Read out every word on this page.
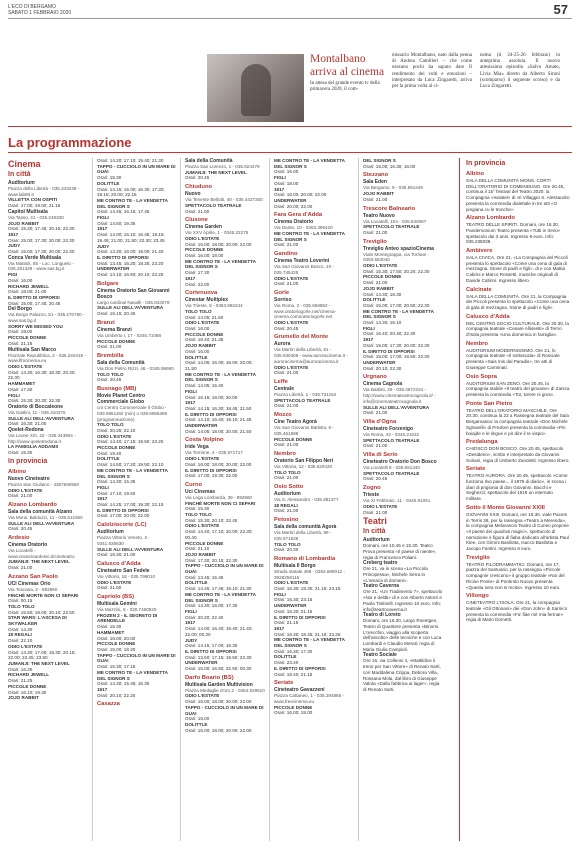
L'ECO DI BERGAMO
SABATO 1 FEBBRAIO 2020	57
Montalbano arriva al cinema
In attesa del grande evento tv della primavera 2020, il com-
missario Montalbano, nato dalla penna di Andrea Camilleri – che come nessuno pochi ha saputo dare Il rendimento dei volti e emozioni – interpretato da Luca Zingaretti, arriva per la prima volta al ci-
nema (il 24-25-26 febbraio) in anteprima assoluta. Il nuovo attesissimo episodio «Salvo Amato, Livia Mia» diretto da Alberto Sironi (scomparso) il seguente scorso) e da Luca Zingaretti.
La programmazione
Cinema
In città
Auditorium
Piazza della Libertà - 035.343239 - www.lab80.it
VILLETTA CON OSPITI
Orari: 17.00; 19.00; 21.15
Capitol Multisala
Via Tasso, 41 - 035.248330
JOJO RABBIT
Orari: 15.30; 17.45; 20.15; 22.30
1917
Orari: 15.00; 17.30; 20.00; 22.30
JUDY
Orari: 15.00; 17.30; 20.00; 22.30
Conca Verde Multisala
Via Mattioli, 65 - Loc. Longuelo - 035.251339 - www.sas.bg.it
PIGI
Orari: 16.00
RICHARD JEWELL
Orari: 18.00; 21.00
IL DIRITTO DI OPPORSI
Orari: 15.00; 17.45; 20.45
Del Borgo
Via Borgo Palazzo, 51 - 035.270760 - www.sas.bg.it
SORRY WE MISSED YOU
Orari: 19.00
PICCOLE DONNE
Orari: 21.15
Multisala San Marco
Piazzale Repubblica, 2 - 035.240418 - www.lfmcinema.eu
ODIO L'ESTATE
Orari: 14.30; 16.30; 18.30; 20.30; 22.30
HAMMAMET
Orari: 17.30
FIGLI
Orari: 15.30; 20.30; 22.30
Oratorio di Boccaleone
Via Gaslini, 11 - 035.310375
SULLE ALI DELL'AVVENTURA
Orari: 16.30; 21.00
Qoelet-Redona
Via Leone XIII, 22 - 035.343904 - http://www.qoeletredona.it
LA FAMIGLIA ADDAMS
Orari: 15.30
In provincia
Albino
Nuovo Cineteatro
Piazza San Giuliano - 3387590560
ODIO L'ESTATE
Orari: 21.00
Alzano Lombardo
Sala della comunità Alzano
Via Mons. Balduzzi, 11 - 035.512360
SULLE ALI DELL'AVVENTURA
Orari: 20.45
Ardesio
Cinema Oratorio
Via Locatelli - www.oratorioardesio.it/cineteatro
JUMANJI: THE NEXT LEVEL
Orari: 21.00
Azzano San Paolo
UCI Cinemas Orio
Via Toscana, 2 - 892960
FINCHÉ MORTE NON CI SEPARI
Orari: 00.15
TOLO TOLO
Orari: 15.50; 18.00; 20.10; 22.50
STAR WARS: L'ASCESA DI SKYWALKER
Orari: 14.30
18 REGALI
Orari: 22.10
ODIO L'ESTATE
Orari: 14.30; 17.00; 19.30; 20.15; 22.00; 22.45; 23.50
JUMANJI: THE NEXT LEVEL
Orari: 16.30
RICHARD JEWELL
Orari: 21.25
PICCOLE DONNE
Orari: 16.10; 19.30
JOJO RABBIT
Orari: 14.20; 17.10; 19.40; 21.30
TAPPO - CUCCIOLO IN UN MARE DI GUAI
Orari: 15.30
DOLITTLE
Orari: 14.15; 15.00; 16.30; 17.30; 19.15; 20.00; 22.15
ME CONTRO TE - LA VENDETTA DEL SIGNOR S
Orari: 14.45; 16.15; 17.45
FIGLI
Orari: 14.50; 19.35
1917
Orari: 14.00; 15.10; 16.45; 18.15; 19.45; 21.00; 21.50; 22.30; 23.45
JUDY
Orari: 13.30; 16.00; 19.00; 21.40
IL DIRITTO DI OPPORSI
Orari: 13.45; 16.20; 19.25; 22.20
UNDERWATER
Orari: 14.10; 16.50; 20.10; 22.25
Bolgare
Cinema Oratorio San Giovanni Bosco
Largo cardinal Nasalli - 035.843078
SULLE ALI DELL'AVVENTURA
Orari: 16.15; 20.45
Branzi
Cinema Branzi
Via Umberto I, 17 - 0345.71088
PICCOLE DONNE
Orari: 21.00
Brembilla
Sala della Comunità
Via Don Pietro Rizzi, 46 - 0345.98690
TOLO TOLO
Orari: 20.45
Busnago (MB)
Movie Planet Centro Commerciale Globo
c/o Centro Commerciale Il Globo - 039.6951182 (min) o 039.6956396 (programmazione)
TOLO TOLO
Orari: 20.25; 22.10
ODIO L'ESTATE
Orari: 14.40; 17.15; 19.50; 22.25
PICCOLE DONNE
Orari: 19.40
DOLITTLE
Orari: 14.50; 17.20; 19.50; 22.10
ME CONTRO TE - LA VENDETTA DEL SIGNOR S
Orari: 14.30; 15.35
FIGLI
Orari: 17.10; 19.50
1917
Orari: 14.25; 17.00; 19.30; 22.15
IL DIRITTO DI OPPORSI
Orari: 17.00; 20.00; 22.00
Calolziocorte (LC)
Auditorium
Piazza Vittorio Veneto, 3 - 0341.635830
SULLE ALI DELL'AVVENTURA
Orari: 16.30; 21.00
Calusco d'Adda
Cineteatro San Fedele
Via Vittorio, 18 - 035.799010
ODIO L'ESTATE
Orari: 21.00
Capriolo (BS)
Multisala Gemini
Via Mazzini, 6 - 030.7460530
FROZEN 2 - IL SEGRETO DI ARENDELLE
Orari: 15.30
HAMMAMET
Orari: 16.00; 20.00
PICCOLE DONNE
Orari: 15.00; 18.20
TAPPO - CUCCIOLO IN UN MARE DI GUAI
Orari: 15.30; 17.15
ME CONTRO TE - LA VENDETTA DEL SIGNOR S
Orari: 14.30; 15.45; 16.30
1917
Orari: 20.10; 22.20
Casazza
Sala della Comunità
Piazza San Lorenzo, 1 - 035.824479
JUMANJI: THE NEXT LEVEL
Orari: 20.45
Chiuduno
Nuovo
Via Tenente Bellotti, 40 - 035.4427300
SPETTACOLO TEATRALE
Orari: 21.00
Clusone
Cinema Garden
Via XXV Aprile, 1 - 0346.22275
ODIO L'ESTATE
Orari: 16.00; 18.00; 20.00; 22.00
PICCOLE DONNE
Orari: 16.00; 18.00
ME CONTRO TE - LA VENDETTA DEL SIGNOR S
Orari: 17.30
1917
Orari: 22.00
Cortenuova
Cinestar Multiplex
Via Trieste, 9 - 0363.992244
TOLO TOLO
Orari: 14.05; 21.50
ODIO L'ESTATE
Orari: 16.00
PICCOLE DONNE
Orari: 18.40; 21.35
JOJO RABBIT
Orari: 16.00
DOLITTLE
Orari: 14.05; 16.00; 18.00; 20.00; 21.50
ME CONTRO TE - LA VENDETTA DEL SIGNOR S
Orari: 14.05; 15.40
FIGLI
Orari: 16.15; 18.00; 20.00
1917
Orari: 14.15; 16.30; 18.45; 21.50
IL DIRITTO DI OPPORSI
Orari: 14.10; 16.40; 19.10; 21.45
UNDERWATER
Orari: 14.05; 18.00; 20.00; 21.50
Costa Volpino
Iride Vega
Via Torrione, 4 - 035.971717
ODIO L'ESTATE
Orari: 16.00; 18.00; 20.00; 22.00
IL DIRITTO DI OPPORSI
Orari: 17.00; 19.30; 22.00
Curno
Uci Cinemas
Via Lega Lombarda, 39 - 892960
FINCHÉ MORTE NON CI SEPARI
Orari: 15.30
TOLO TOLO
Orari: 15.30; 20.10; 22.45
ODIO L'ESTATE
Orari: 14.40; 17.10; 20.00; 22.30; 00.40
PICCOLE DONNE
Orari: 21.10
JOJO RABBIT
Orari: 17.30; 20.15; 22.30
TAPPO - CUCCIOLO IN UN MARE DI GUAI
Orari: 13.45; 15.45
DOLITTLE
Orari: 14.45; 17.45; 19.10; 21.30
ME CONTRO TE - LA VENDETTA DEL SIGNOR S
Orari: 14.30; 16.00; 17.30
FIGLI
Orari: 20.20; 22.40
1917
Orari: 14.00; 16.40; 19.40; 21.40; 22.00; 00.30
JUDY
Orari: 14.15; 17.00; 19.30
IL DIRITTO DI OPPORSI
Orari: 13.50; 17.15; 19.50; 22.30
UNDERWATER
Orari: 15.00; 16.50; 22.50; 00.30
Darfo Boario (BS)
Multisala Garden Multivision
Piazza Medaglie d'oro 2 - 0364.529510
ODIO L'ESTATE
Orari: 16.00; 18.00; 20.00; 22.00
TAPPO - CUCCIOLO IN UN MARE DI GUAI
Orari: 16.00
DOLITTLE
Orari: 16.00; 18.00; 20.00; 22.00
ME CONTRO TE - LA VENDETTA DEL SIGNOR S
Orari: 16.00
FIGLI
Orari: 18.00
1917
Orari: 16.00; 20.00; 22.00
UNDERWATER
Orari: 20.00; 22.00
Fara Gera d'Adda
Cinema Oratorio
Via Dante, 10 - 0363.395420
ME CONTRO TE - LA VENDETTA DEL SIGNOR S
Orari: 21.00
Gandino
Cinema Teatro Loverini
Via San Giovanni Bosco, 10 - 035.745425
ODIO L'ESTATE
Orari: 21.00
Gorle
Sorriso
Via Roma, 2 - 035.656962 - www.oratoriogorle.net/cinema-cinema.comoratoriogorle.net
ODIO L'ESTATE
Orari: 20.45
Grumello del Monte
Aurora
Via Martiri della Libertà, 61 - 035.830408 - www.auroracinema.it - auroracinema@auroracinema.it
ODIO L'ESTATE
Orari: 21.00
Leffe
Centrale
Piazza Libertà, 1 - 035.731154
SPETTACOLO TEATRALE
Orari: 21.00
Mozzo
Cine Teatro Agorà
Via San Giovanni Battista, 6 - 035.461699
PICCOLE DONNE
Orari: 21.00
Nembro
Oratorio San Filippo Neri
Via Vittoria, 12 - 035.520420
TOLO TOLO
Orari: 21.00
Osio Sotto
Auditorium
Via S. Alessandro - 035.881377
18 REGALI
Orari: 21.00
Petosino
Sala della comunità Agorà
Via Martiri della Libertà, 99 - 035.571536
TOLO TOLO
Orari: 20.30
Romano di Lombardia
Multisala Il Borgo
Strada statale 498 - 0363.688012 - 3928258116
ODIO L'ESTATE
Orari: 16.30; 18.30; 21.15; 23.15
FIGLI
Orari: 16.30; 23.15
UNDERWATER
Orari: 16.30; 21.15
IL DIRITTO DI OPPORSI
Orari: 21.15
1917
Orari: 16.30; 18.45; 21.15; 23.25
ME CONTRO TE - LA VENDETTA DEL SIGNOR S
Orari: 16.30; 17.30
DOLITTLE
Orari: 23.40
IL DIRITTO DI OPPORSI
Orari: 18.40; 21.15
Seriate
Cineteatro Gavazzeni
Piazza Cattaneo, 1 - 035.294866 - www.freecinema.eu
PICCOLE DONNE
Orari: 16.00; 18.00
DEL SIGNOR S
Orari: 15.00; 16.30; 18.00
Stezzano
Sala Eden
Via Bergamo, 9 - 035.591449
JOJO RABBIT
Orari: 21.00
Trescore Balneario
Teatro Nuovo
Via Locatelli, 104 - 035.940087
SPETTACOLO TEATRALE
Orari: 21.00
Treviglio
Treviglio Anteo spazioCinema
Viale Montegrappa, via Torriani - 0363.563040
ODIO L'ESTATE
Orari: 15.30; 17.50; 20.20; 22.30
PICCOLE DONNE
Orari: 21.00
JOJO RABBIT
Orari: 14.30; 18.30
DOLITTLE
Orari: 15.00; 17.00; 20.50; 22.30
ME CONTRO TE - LA VENDETTA DEL SIGNOR S
Orari: 14.30; 16.10
FIGLI
Orari: 16.40; 20.40; 22.30
1917
Orari: 15.00; 17.30; 20.00; 22.30
IL DIRITTO DI OPPORSI
Orari: 15.00; 17.00; 19.50; 22.30
UNDERWATER
Orari: 20.10; 22.30
Urgnano
Cinema Cagnola
Via Battisti, 30 - 035.4872224 - http://www.cinemateatrocagnola.it/ - info@cinemateatrocagnola.it
SULLE ALI DELL'AVVENTURA
Orari: 21.00
Villa d'Ogna
Cineteatro Forzenigo
Via Roma, 43 - 0346.21532
SPETTACOLO TEATRALE
Orari: 21.00
Villa di Serio
Cineteatro Oratorio Don Bosco
Via Locatelli 8 - 035.661340
SPETTACOLO TEATRALE
Orari: 20.45
Zogno
Trieste
Via XI Febbraio, 11 - 0345.91051
ODIO L'ESTATE
Orari: 21.00
Teatri
In città
Auditorium
Domani, ore 10.45 e 15.30. Teatro Prova presenta «Il paese di niente», regia di Francesca Poliani.
Creberg teatro
Ore 21, va in scena «La Piccola Principessa», Michele Serra in «L'amaca di domani».
Teatro Caverna
Ore 21, «Un Tradimento 7», spettacolo «Noi e delitti» di e con Alberto Astorri e Paola Tintinelli. Ingresso 10 euro. Info: info@teatrocaverna.it
Teatro di Loreto
Domani, ore 16.30, Largo Roentgen, Teatro di Quartiere presenta «Binomi. L'orecchio, viaggio alla scoperta dell'ascolto» delle tecniche e con Luca Lombardi e Claudio Merati; regia di Maria Giulia Campioli.
Teatro Sociale
Ore 16, via Colleoni 4, «Mattildice il treno per San Vittore» di Renato Sarti, con Maddalena Crippa, Debora Villa, Rossana Mola, dal libro di Giuseppe Valota «Dalla fabbrica ai lager», regia di Renato Sarti.
In provincia
Albino
SALA DELLA COMUNITÀ MONS. CORTI DELL'ORATORIO DI COMENDUNO. Ore 20.45, continua il 15° festival del Teatro 2020: la Compagnia «Isolatel» di «Il Villaggio S. Alessandro presenta la commedia dialettale in tre atti «O pingiana cu le tronche».
Alzano Lombardo
TEATRO DELLE SPIRITI. Domani, ore 16.30, Pandemonium Teatro presenta «Tutti in treno» spettacolo dai 3 anni. Ingresso 6 euro. Info: 035.235039.
Ambivere
SALA CIVICA. Ore 21, «La Compagnia del Piccoli presenta lo spettacolo «Come una cena di gala di mezzagna. Stone di padri e figli», di e con Mattia Cabrini e Marco Rossetti, musiche originali di Davide Cabrini. Ingresso libero.
Calcinate
SALA DELLA COMUNITÀ. Ore 21, la Compagnia dei Piccoli presenta lo spettacolo «Come una cena di gala di mezzagna. Stone di padri e figli».
Calusco d'Adda
DEL CENTRO SOCIO CULTURALE. Ore 20.30, la compagnia teatrale «Cesare Allissetti» di Terno d'Isola presenta «Una domenica in famiglia».
Nembro
AUDITORIUM MODERNISSIMO. Ore 21, lo compagnia teatrale «Il sottoscala» di Rosciate presenta «Sais mis dal Paradis», tre atti di Giuseppe Carminati.
Osio Sopra
AUDITORIUM SAN ZENO. Ore 20.45, la compagnia stabile «Il teatro del giovane» di Zanica presenta la commedia «Tor, torere ni gros».
Ponte San Pietro
TEATRO DELL'ORATORIO MASCHILE. Ore 20.30, continua la 22 a Rassegna teatrale del Sala Bergamasca: la compagnia teatrale «Don Michele Sgravelli» di Predore presenta la commedia «Pin boiajde e le lingue e pò dire il re vispo».
Predalunga
CHIOSCO DON BOSCO. Ore 20.45, spettacolo «Desiderio», scritto e interpretato da Giovanni Soriani, regia di Umberto Zanoletti. Ingresso libero.
Seriate
TEATRO AURORA. Ore 20.45, spettacolo «Come funziona Ilvo paese... il 1979 di diario», in scena i diari di prigionia di don Giovanni. Bacchi e Seghezzi; spettacolo del 1919 un internato militare.
Sotto il Monte Giovanni XXIII
GIOVANNI XXIII. Domani, ore 15.30, viale Pacem in Terris 38, per la rassegna «Teatro a Merenda», la compagnia Melarancio Teatro di Cuneo propone «Il paese dei quadrati magici», spettacolo di narrazione e figura di fiaba dedicato all'artista Paul Klee, con Gimmi Basilotta, Isacco Basilotta e Jacopo Fantini. Ingresso 6 euro.
Treviglio
TEATRO FILODRAMMATICI. Domani, ore 17, piazza del Santuario, per la rassegna «Piccole compagnie crescono» il gruppo teatrale «Noi del Ricine Ponte» di Pontirolo Nuovo presenta «Questa sera non si recita». Ingresso 10 euro.
Villongo
CINETEATRO L'ISOLA. Ore 21, la compagnia teatrale «Gli Ottonani» dei «Don John» di Sarnico presenta la commedia «Fa' fiàe mè mia ferma!» regia di Mario Dometti.
